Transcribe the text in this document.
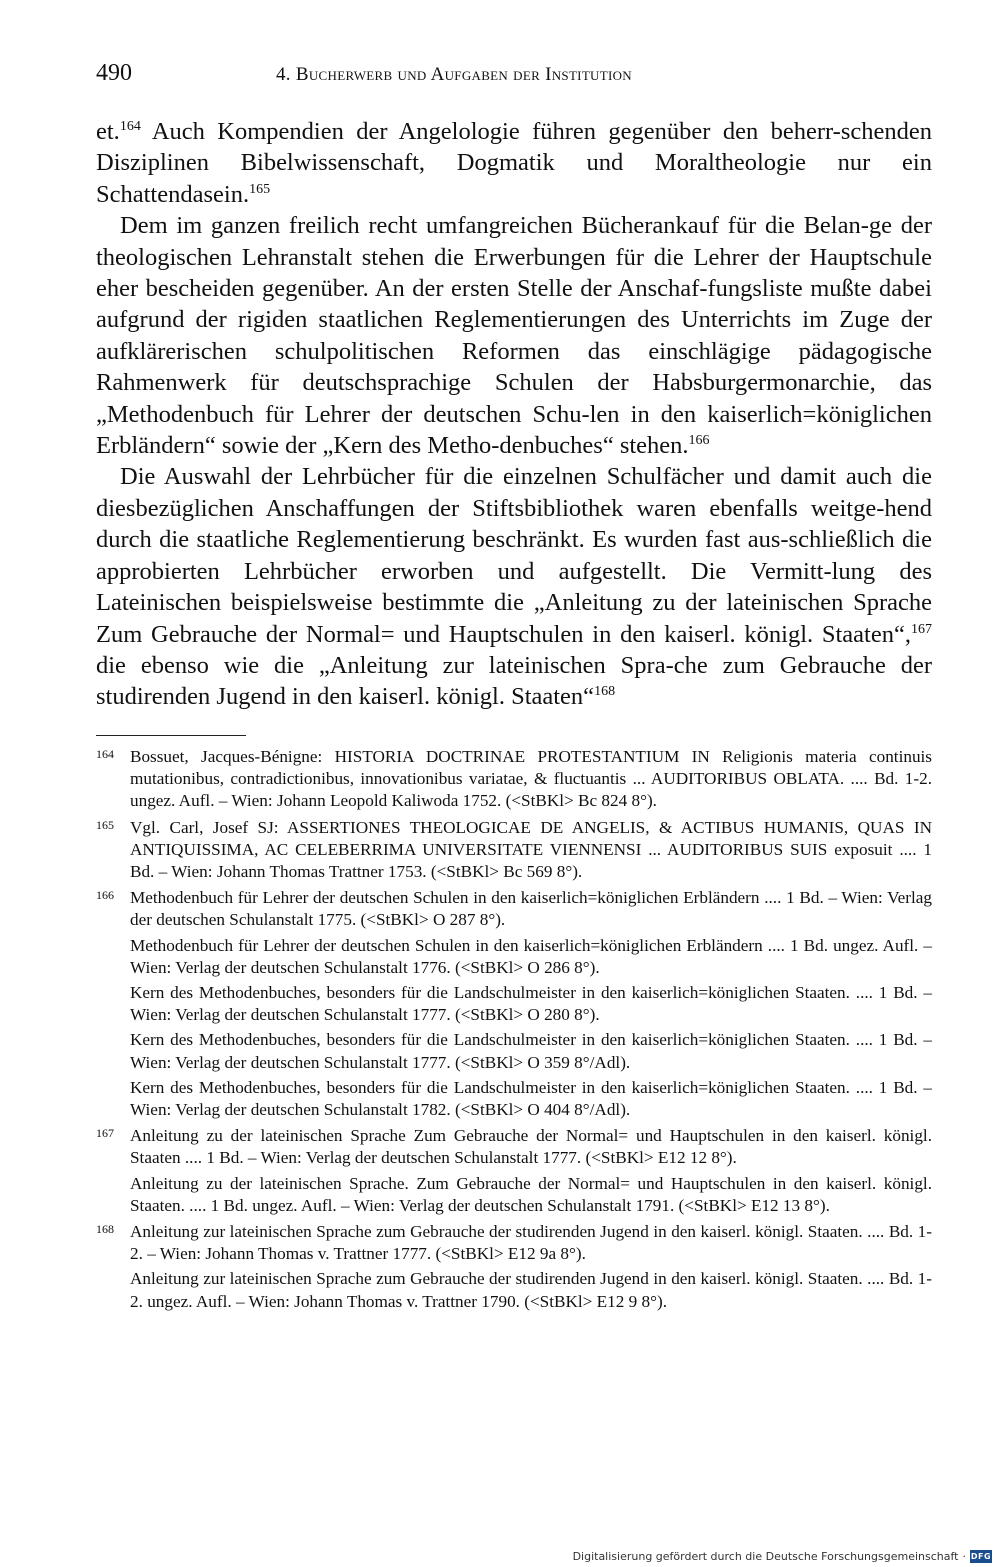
490	4. Bucherwerb und Aufgaben der Institution

et.$^{164}$ Auch Kompendien der Angelologie führen gegenüber den beherr-schenden Disziplinen Bibelwissenschaft, Dogmatik und Moraltheologie nur ein Schattendasein.$^{165}$

Dem im ganzen freilich recht umfangreichen Bücherankauf für die Belan-ge der theologischen Lehranstalt stehen die Erwerbungen für die Lehrer der Hauptschule eher bescheiden gegenüber. An der ersten Stelle der Anschaf-fungsliste mußte dabei aufgrund der rigiden staatlichen Reglementierungen des Unterrichts im Zuge der aufklärerischen schulpolitischen Reformen das einschlägige pädagogische Rahmenwerk für deutschsprachige Schulen der Habsburgermonarchie, das „Methodenbuch für Lehrer der deutschen Schu-len in den kaiserlich=königlichen Erbländern“ sowie der „Kern des Metho-denbuches“ stehen.$^{166}$

Die Auswahl der Lehrbücher für die einzelnen Schulfächer und damit auch die diesbezüglichen Anschaffungen der Stiftsbibliothek waren ebenfalls weitge-hend durch die staatliche Reglementierung beschränkt. Es wurden fast aus-schließlich die approbierten Lehrbücher erworben und aufgestellt. Die Vermitt-lung des Lateinischen beispielsweise bestimmte die „Anleitung zu der lateinischen Sprache Zum Gebrauche der Normal= und Hauptschulen in den kaiserl. königl. Staaten“,$^{167}$ die ebenso wie die „Anleitung zur lateinischen Spra-che zum Gebrauche der studirenden Jugend in den kaiserl. königl. Staaten“$^{168}$

164 Bossuet, Jacques-Bénigne: HISTORIA DOCTRINAE PROTESTANTIUM IN Religionis materia continuis mutationibus, contradictionibus, innovationibus variatae, & fluctuantis ... AUDITORIBUS OBLATA. .... Bd. 1-2. ungez. Aufl. – Wien: Johann Leopold Kaliwoda 1752. (<StBKl> Bc 824 8°).
165 Vgl. Carl, Josef SJ: ASSERTIONES THEOLOGICAE DE ANGELIS, & ACTIBUS HUMANIS, QUAS IN ANTIQUISSIMA, AC CELEBERRIMA UNIVERSITATE VIENNENSI ... AUDITORIBUS SUIS exposuit .... 1 Bd. – Wien: Johann Thomas Trattner 1753. (<StBKl> Bc 569 8°).
166 Methodenbuch für Lehrer der deutschen Schulen in den kaiserlich=königlichen Erbländern .... 1 Bd. – Wien: Verlag der deutschen Schulanstalt 1775. (<StBKl> O 287 8°).
Methodenbuch für Lehrer der deutschen Schulen in den kaiserlich=königlichen Erbländern .... 1 Bd. ungez. Aufl. – Wien: Verlag der deutschen Schulanstalt 1776. (<StBKl> O 286 8°).
Kern des Methodenbuches, besonders für die Landschulmeister in den kaiserlich=königlichen Staaten. .... 1 Bd. – Wien: Verlag der deutschen Schulanstalt 1777. (<StBKl> O 280 8°).
Kern des Methodenbuches, besonders für die Landschulmeister in den kaiserlich=königlichen Staaten. .... 1 Bd. – Wien: Verlag der deutschen Schulanstalt 1777. (<StBKl> O 359 8°/Adl).
Kern des Methodenbuches, besonders für die Landschulmeister in den kaiserlich=königlichen Staaten. .... 1 Bd. – Wien: Verlag der deutschen Schulanstalt 1782. (<StBKl> O 404 8°/Adl).
167 Anleitung zu der lateinischen Sprache Zum Gebrauche der Normal= und Hauptschulen in den kaiserl. königl. Staaten .... 1 Bd. – Wien: Verlag der deutschen Schulanstalt 1777. (<StBKl> E12 12 8°).
Anleitung zu der lateinischen Sprache. Zum Gebrauche der Normal= und Hauptschulen in den kaiserl. königl. Staaten. .... 1 Bd. ungez. Aufl. – Wien: Verlag der deutschen Schulanstalt 1791. (<StBKl> E12 13 8°).
168 Anleitung zur lateinischen Sprache zum Gebrauche der studirenden Jugend in den kaiserl. königl. Staaten. .... Bd. 1-2. – Wien: Johann Thomas v. Trattner 1777. (<StBKl> E12 9a 8°).
Anleitung zur lateinischen Sprache zum Gebrauche der studirenden Jugend in den kaiserl. königl. Staaten. .... Bd. 1-2. ungez. Aufl. – Wien: Johann Thomas v. Trattner 1790. (<StBKl> E12 9 8°).
Digitalisierung gefördert durch die Deutsche Forschungsgemeinschaft · DFG
